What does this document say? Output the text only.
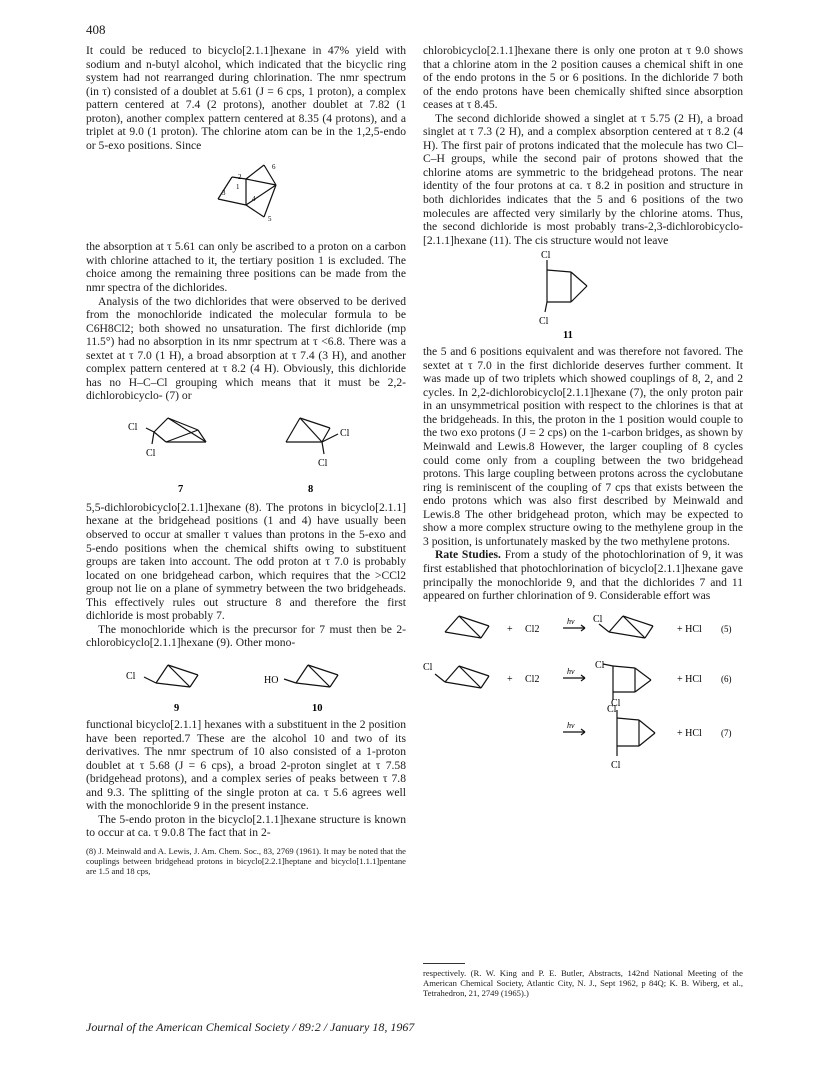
408

It could be reduced to bicyclo[2.1.1]hexane in 47% yield with sodium and n-butyl alcohol, which indicated that the bicyclic ring system had not rearranged during chlorination. The nmr spectrum (in τ) consisted of a doublet at 5.61 (J = 6 cps, 1 proton), a complex pattern centered at 7.4 (2 protons), another doublet at 7.82 (1 proton), another complex pattern centered at 8.35 (4 protons), and a triplet at 9.0 (1 proton). The chlorine atom can be in the 1,2,5-endo or 5-exo positions. Since

1
2
3
4
5
6

the absorption at τ 5.61 can only be ascribed to a proton on a carbon with chlorine attached to it, the tertiary position 1 is excluded. The choice among the remaining three positions can be made from the nmr spectra of the dichlorides.

Analysis of the two dichlorides that were observed to be derived from the monochloride indicated the molecular formula to be C6H8Cl2; both showed no unsaturation. The first dichloride (mp 11.5°) had no absorption in its nmr spectrum at τ <6.8. There was a sextet at τ 7.0 (1 H), a broad absorption at τ 7.4 (3 H), and another complex pattern centered at τ 8.2 (4 H). Obviously, this dichloride has no H–C–Cl grouping which means that it must be 2,2-dichlorobicyclo- (7) or

Cl
Cl
Cl
Cl
7	8

5,5-dichlorobicyclo[2.1.1]hexane (8). The protons in bicyclo[2.1.1] hexane at the bridgehead positions (1 and 4) have usually been observed to occur at smaller τ values than protons in the 5-exo and 5-endo positions when the chemical shifts owing to substituent groups are taken into account. The odd proton at τ 7.0 is probably located on one bridgehead carbon, which requires that the >CCl2 group not lie on a plane of symmetry between the two bridgeheads. This effectively rules out structure 8 and therefore the first dichloride is most probably 7.

The monochloride which is the precursor for 7 must then be 2-chlorobicyclo[2.1.1]hexane (9). Other mono-

Cl	HO
9	10

functional bicyclo[2.1.1] hexanes with a substituent in the 2 position have been reported.7 These are the alcohol 10 and two of its derivatives. The nmr spectrum of 10 also consisted of a 1-proton doublet at τ 5.68 (J = 6 cps), a broad 2-proton singlet at τ 7.58 (bridgehead protons), and a complex series of peaks between τ 7.8 and 9.3. The splitting of the single proton at ca. τ 5.6 agrees well with the monochloride 9 in the present instance.

The 5-endo proton in the bicyclo[2.1.1]hexane structure is known to occur at ca. τ 9.0.8 The fact that in 2-

(8) J. Meinwald and A. Lewis, J. Am. Chem. Soc., 83, 2769 (1961). It may be noted that the couplings between bridgehead protons in bicyclo[2.2.1]heptane and bicyclo[1.1.1]pentane are 1.5 and 18 cps,

chlorobicyclo[2.1.1]hexane there is only one proton at τ 9.0 shows that a chlorine atom in the 2 position causes a chemical shift in one of the endo protons in the 5 or 6 positions. In the dichloride 7 both of the endo protons have been chemically shifted since absorption ceases at τ 8.45.

The second dichloride showed a singlet at τ 5.75 (2 H), a broad singlet at τ 7.3 (2 H), and a complex absorption centered at τ 8.2 (4 H). The first pair of protons indicated that the molecule has two Cl–C–H groups, while the second pair of protons showed that the chlorine atoms are symmetric to the bridgehead protons. The near identity of the four protons at ca. τ 8.2 in position and structure in both dichlorides indicates that the 5 and 6 positions of the two molecules are affected very similarly by the chlorine atoms. Thus, the second dichloride is most probably trans-2,3-dichlorobicyclo-[2.1.1]hexane (11). The cis structure would not leave

Cl
Cl
11

the 5 and 6 positions equivalent and was therefore not favored. The sextet at τ 7.0 in the first dichloride deserves further comment. It was made up of two triplets which showed couplings of 8, 2, and 2 cycles. In 2,2-dichlorobicyclo[2.1.1]hexane (7), the only proton pair in an unsymmetrical position with respect to the chlorines is that at the bridgeheads. In this, the proton in the 1 position would couple to the two exo protons (J = 2 cps) on the 1-carbon bridges, as shown by Meinwald and Lewis.8 However, the larger coupling of 8 cycles could come only from a coupling between the two bridgehead protons. This large coupling between protons across the cyclobutane ring is reminiscent of the coupling of 7 cps that exists between the endo protons which was also first described by Meinwald and Lewis.8 The other bridgehead proton, which may be expected to show a more complex structure owing to the methylene group in the 3 position, is unfortunately masked by the two methylene protons.

Rate Studies. From a study of the photochlorination of 9, it was first established that photochlorination of bicyclo[2.1.1]hexane gave principally the monochloride 9, and that the dichlorides 7 and 11 appeared on further chlorination of 9. Considerable effort was

+ Cl2
hν Cl
+ HCl (5)
Cl
+ Cl2
hν
Cl
Cl
+ HCl (6)
Cl
hν
Cl
+ HCl (7)

respectively. (R. W. King and P. E. Butler, Abstracts, 142nd National Meeting of the American Chemical Society, Atlantic City, N. J., Sept 1962, p 84Q; K. B. Wiberg, et al., Tetrahedron, 21, 2749 (1965).)

Journal of the American Chemical Society / 89:2 / January 18, 1967
